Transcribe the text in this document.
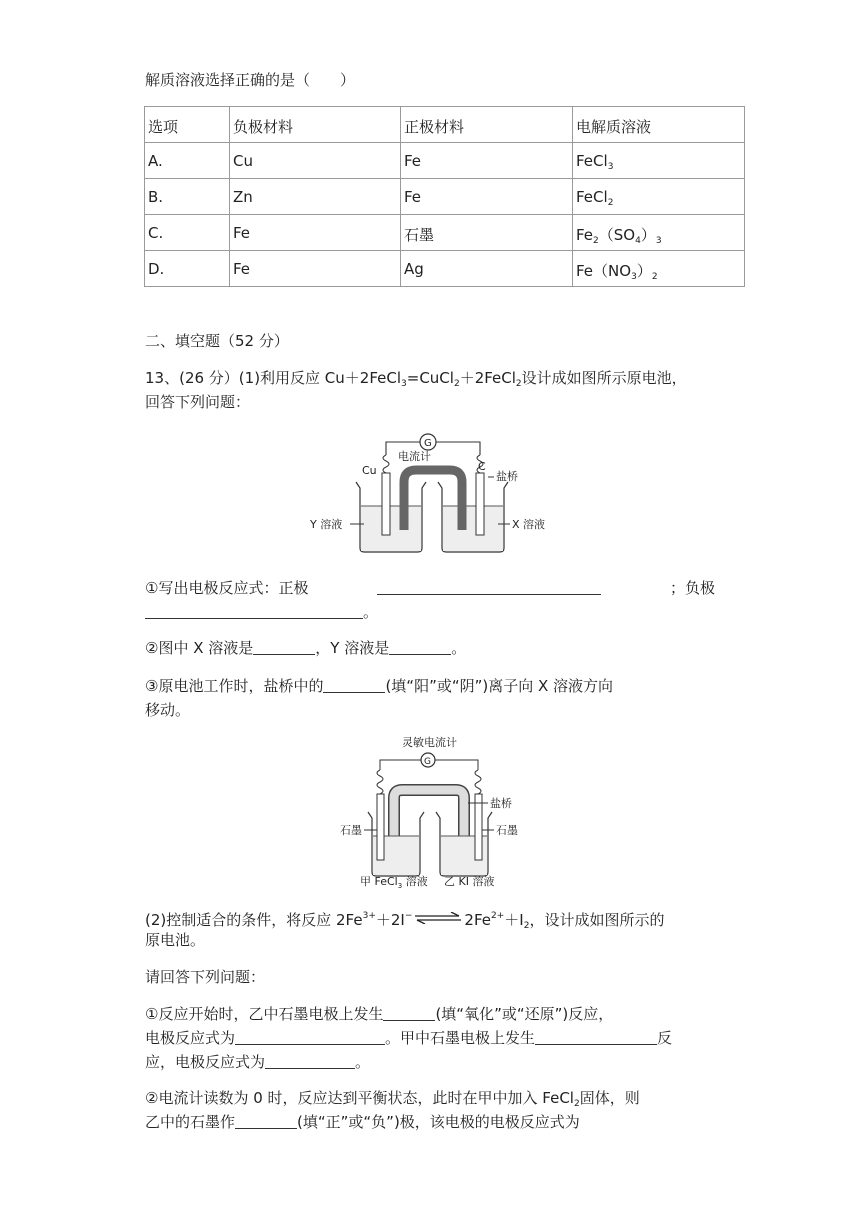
解质溶液选择正确的是（　　）
选项	负极材料	正极材料	电解质溶液
A.	Cu	Fe	FeCl$_3$
B.	Zn	Fe	FeCl$_2$
C.	Fe	石墨	$Fe_2(SO_4)_3$
D.	Fe	Ag	$Fe(NO_3)_2$
二、填空题（52 分）
13、(26 分）(1)利用反应 Cu＋2FeCl$_3$=CuCl$_2$＋2FeCl$_2$设计成如图所示原电池，
回答下列问题：
G
电流计
Cu	C
盐桥
Y 溶液	X 溶液
①写出电极反应式：正极	；负极
。
②图中 X 溶液是	，Y 溶液是	。
③原电池工作时，盐桥中的	(填“阳”或“阴”)离子向 X 溶液方向
移动。
灵敏电流计
G
盐桥
石墨	石墨
甲 FeCl$_3$ 溶液 乙 KI 溶液
(2)控制适合的条件，将反应 $2Fe^{3+}+2I^-\rightleftharpoons 2Fe^{2+}+I_2$，设计成如图所示的
原电池。
请回答下列问题：
①反应开始时，乙中石墨电极上发生	(填“氧化”或“还原”)反应，
电极反应式为	。甲中石墨电极上发生	反
应，电极反应式为	。
②电流计读数为 0 时，反应达到平衡状态，此时在甲中加入 FeCl$_2$固体，则
乙中的石墨作	(填“正”或“负”)极，该电极的电极反应式为
